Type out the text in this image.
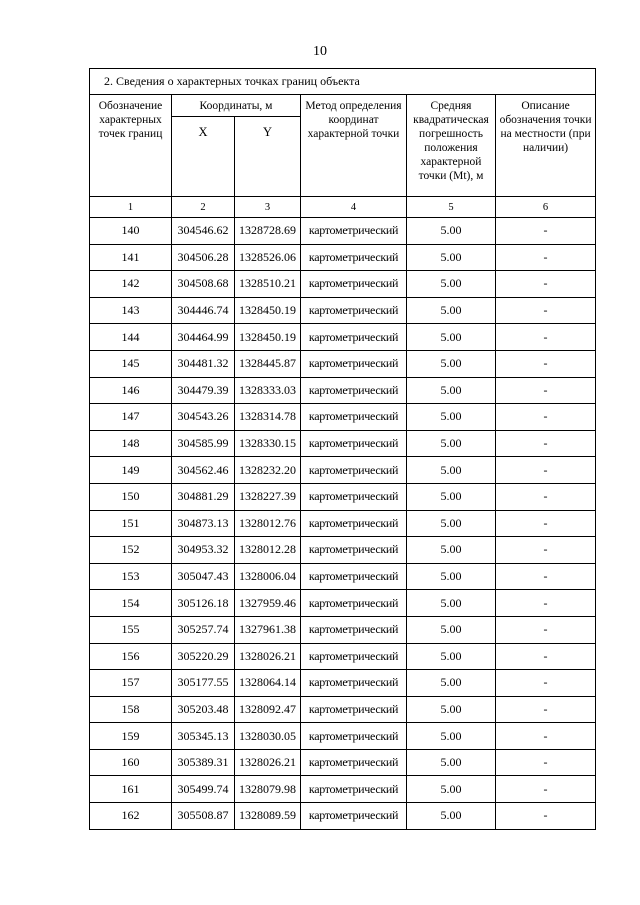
10
2. Сведения о характерных точках границ объекта					
Обозначение характерных точек границ	Координаты, м		Метод определения координат характерной точки	Средняя квадратическая погрешность положения характерной точки (Mt), м	Описание обозначения точки на местности (при наличии)
	X	Y			
1	2	3	4	5	6
140	304546.62	1328728.69	картометрический	5.00	-
141	304506.28	1328526.06	картометрический	5.00	-
142	304508.68	1328510.21	картометрический	5.00	-
143	304446.74	1328450.19	картометрический	5.00	-
144	304464.99	1328450.19	картометрический	5.00	-
145	304481.32	1328445.87	картометрический	5.00	-
146	304479.39	1328333.03	картометрический	5.00	-
147	304543.26	1328314.78	картометрический	5.00	-
148	304585.99	1328330.15	картометрический	5.00	-
149	304562.46	1328232.20	картометрический	5.00	-
150	304881.29	1328227.39	картометрический	5.00	-
151	304873.13	1328012.76	картометрический	5.00	-
152	304953.32	1328012.28	картометрический	5.00	-
153	305047.43	1328006.04	картометрический	5.00	-
154	305126.18	1327959.46	картометрический	5.00	-
155	305257.74	1327961.38	картометрический	5.00	-
156	305220.29	1328026.21	картометрический	5.00	-
157	305177.55	1328064.14	картометрический	5.00	-
158	305203.48	1328092.47	картометрический	5.00	-
159	305345.13	1328030.05	картометрический	5.00	-
160	305389.31	1328026.21	картометрический	5.00	-
161	305499.74	1328079.98	картометрический	5.00	-
162	305508.87	1328089.59	картометрический	5.00	-
